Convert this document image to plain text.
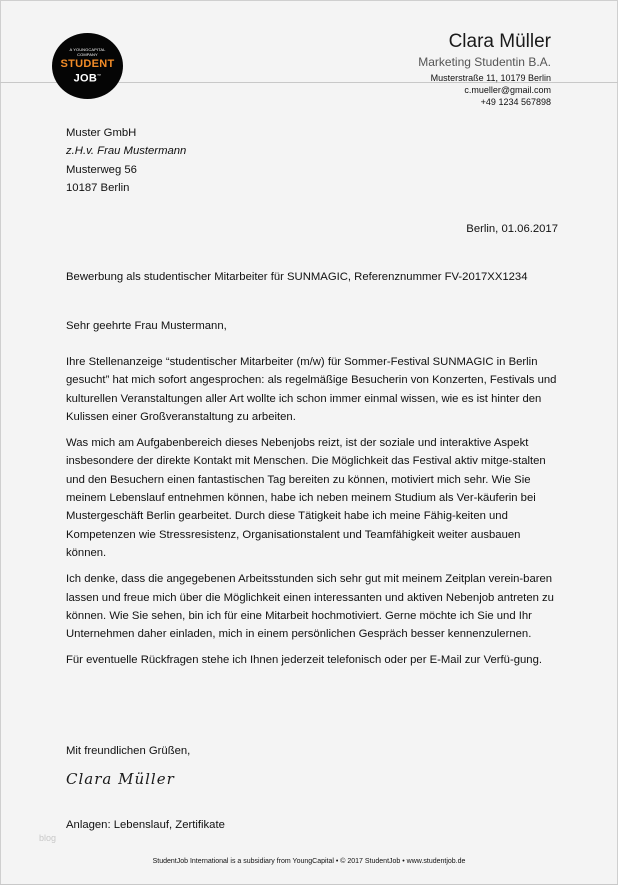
A YOUNGCAPITAL COMPANY
STUDENT
JOB™
Clara Müller
Marketing Studentin B.A.
Musterstraße 11, 10179 Berlin
c.mueller@gmail.com
+49 1234 567898
Muster GmbH
z.H.v. Frau Mustermann
Musterweg 56
10187 Berlin
Berlin, 01.06.2017
Bewerbung als studentischer Mitarbeiter für SUNMAGIC, Referenznummer FV-2017XX1234
Sehr geehrte Frau Mustermann,

Ihre Stellenanzeige “studentischer Mitarbeiter (m/w) für Sommer-Festival SUNMAGIC in Berlin gesucht” hat mich sofort angesprochen: als regelmäßige Besucherin von Konzerten, Festivals und kulturellen Veranstaltungen aller Art wollte ich schon immer einmal wissen, wie es ist hinter den Kulissen einer Großveranstaltung zu arbeiten.

Was mich am Aufgabenbereich dieses Nebenjobs reizt, ist der soziale und interaktive Aspekt insbesondere der direkte Kontakt mit Menschen. Die Möglichkeit das Festival aktiv mitge-stalten und den Besuchern einen fantastischen Tag bereiten zu können, motiviert mich sehr. Wie Sie meinem Lebenslauf entnehmen können, habe ich neben meinem Studium als Ver-käuferin bei Mustergeschäft Berlin gearbeitet. Durch diese Tätigkeit habe ich meine Fähig-keiten und Kompetenzen wie Stressresistenz, Organisationstalent und Teamfähigkeit weiter ausbauen können.

Ich denke, dass die angegebenen Arbeitsstunden sich sehr gut mit meinem Zeitplan verein-baren lassen und freue mich über die Möglichkeit einen interessanten und aktiven Nebenjob antreten zu können. Wie Sie sehen, bin ich für eine Mitarbeit hochmotiviert. Gerne möchte ich Sie und Ihr Unternehmen daher einladen, mich in einem persönlichen Gespräch besser kennenzulernen.

Für eventuelle Rückfragen stehe ich Ihnen jederzeit telefonisch oder per E-Mail zur Verfü-gung.

Mit freundlichen Grüßen,
Clara Müller
Anlagen: Lebenslauf, Zertifikate
blog
StudentJob International is a subsidiary from YoungCapital • © 2017 StudentJob • www.studentjob.de
